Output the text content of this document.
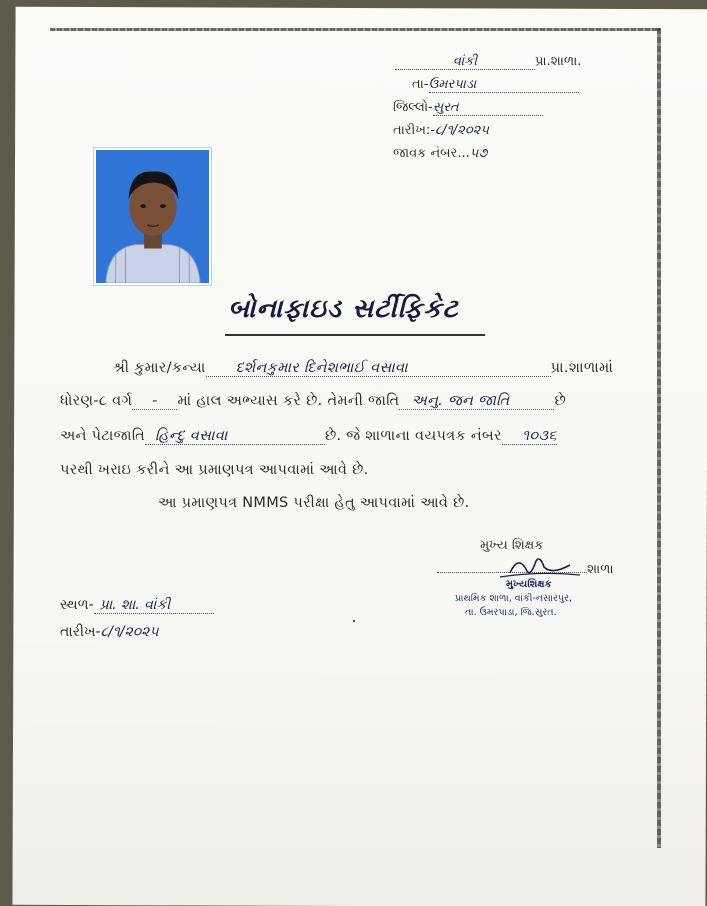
વાંકી	પ્રા.શાળા.
તા-ઉમરપાડા
જિલ્લો-સુરત
તારીખ:-૮/૧/૨૦૨૫
જાવક નંબર...૫૭
બોનાફાઇડ સર્ટીફિકેટ
શ્રી કુમાર/કન્યા દર્શનકુમાર દિનેશભાઈ વસાવા	પ્રા.શાળામાં
ધોરણ-૮ વર્ગ - માં હાલ અભ્યાસ કરે છે. તેમની જાતિ અનુ. જન જાતિ	છે
અને પેટાજાતિ હિન્દુ વસાવા	છે. જે શાળાના વયપત્રક નંબર ૧૦૩૬
પરથી ખરાઇ કરીને આ પ્રમાણપત્ર આપવામાં આવે છે.
આ પ્રમાણપત્ર NMMS પરીક્ષા હેતુ આપવામાં આવે છે.
મુખ્ય શિક્ષક
શાળા
મુખ્યશિક્ષક
પ્રાથમિક શાળા, વાંકી-નસારપુર,
તા. ઉમરપાડા, જિ.સુરત.
સ્થળ- પ્રા. શા. વાંકી
તારીખ-૮/૧/૨૦૨૫
